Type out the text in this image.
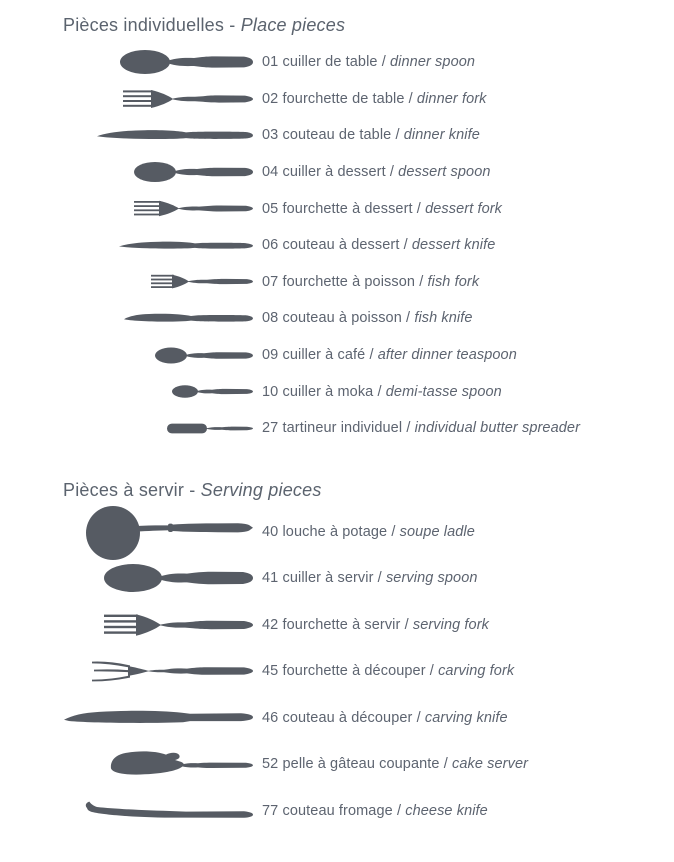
Pièces individuelles - Place pieces

01 cuiller de table / dinner spoon

02 fourchette de table / dinner fork

03 couteau de table / dinner knife

04 cuiller à dessert / dessert spoon

05 fourchette à dessert / dessert fork

06 couteau à dessert / dessert knife

07 fourchette à poisson / fish fork

08 couteau à poisson / fish knife

09 cuiller à café / after dinner teaspoon

10 cuiller à moka / demi-tasse spoon

27 tartineur individuel / individual butter spreader

Pièces à servir - Serving pieces

40 louche à potage / soupe ladle

41 cuiller à servir / serving spoon

42 fourchette à servir / serving fork

45 fourchette à découper / carving fork

46 couteau à découper / carving knife

52 pelle à gâteau coupante / cake server

77 couteau fromage / cheese knife
